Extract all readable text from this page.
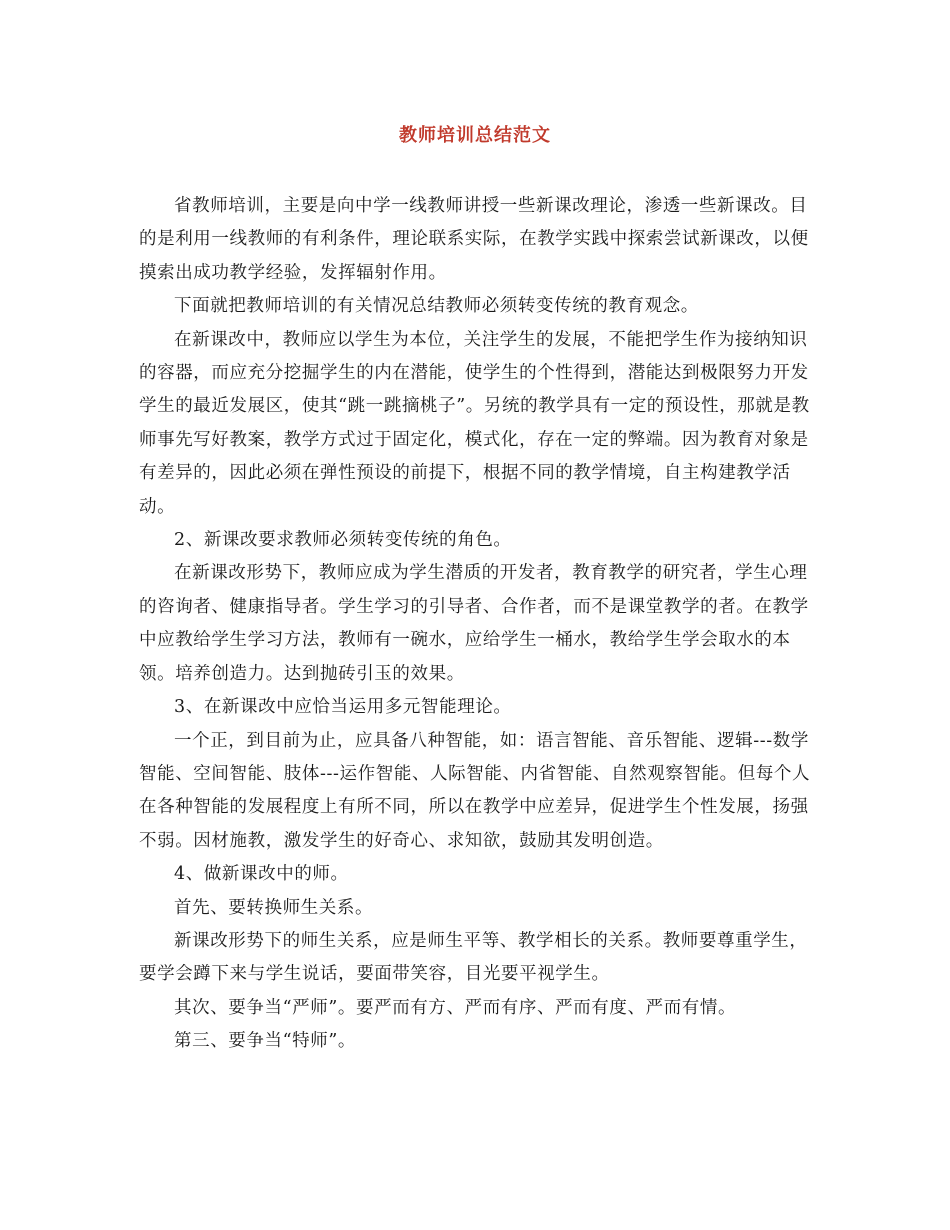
教师培训总结范文

省教师培训，主要是向中学一线教师讲授一些新课改理论，渗透一些新课改。目的是利用一线教师的有利条件，理论联系实际，在教学实践中探索尝试新课改，以便摸索出成功教学经验，发挥辐射作用。

下面就把教师培训的有关情况总结教师必须转变传统的教育观念。

在新课改中，教师应以学生为本位，关注学生的发展，不能把学生作为接纳知识的容器，而应充分挖掘学生的内在潜能，使学生的个性得到，潜能达到极限努力开发学生的最近发展区，使其“跳一跳摘桃子”。另统的教学具有一定的预设性，那就是教师事先写好教案，教学方式过于固定化，模式化，存在一定的弊端。因为教育对象是有差异的，因此必须在弹性预设的前提下，根据不同的教学情境，自主构建教学活动。

2、新课改要求教师必须转变传统的角色。

在新课改形势下，教师应成为学生潜质的开发者，教育教学的研究者，学生心理的咨询者、健康指导者。学生学习的引导者、合作者，而不是课堂教学的者。在教学中应教给学生学习方法，教师有一碗水，应给学生一桶水，教给学生学会取水的本领。培养创造力。达到抛砖引玉的效果。

3、在新课改中应恰当运用多元智能理论。

一个正，到目前为止，应具备八种智能，如：语言智能、音乐智能、逻辑---数学智能、空间智能、肢体---运作智能、人际智能、内省智能、自然观察智能。但每个人在各种智能的发展程度上有所不同，所以在教学中应差异，促进学生个性发展，扬强不弱。因材施教，激发学生的好奇心、求知欲，鼓励其发明创造。

4、做新课改中的师。

首先、要转换师生关系。

新课改形势下的师生关系，应是师生平等、教学相长的关系。教师要尊重学生，要学会蹲下来与学生说话，要面带笑容，目光要平视学生。

其次、要争当“严师”。要严而有方、严而有序、严而有度、严而有情。

第三、要争当“特师”。
